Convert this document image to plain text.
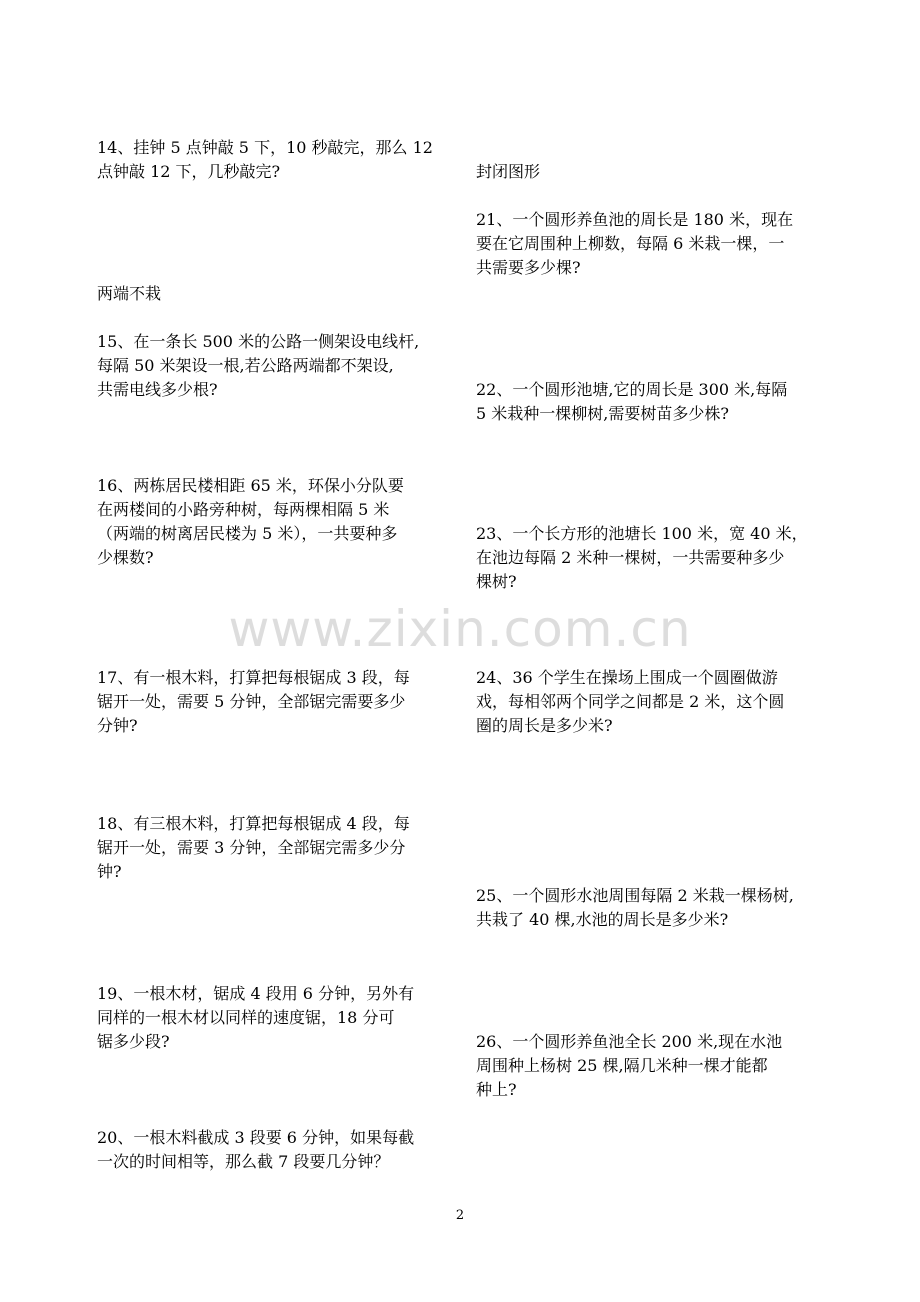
14、挂钟 5 点钟敲 5 下，10 秒敲完，那么 12
点钟敲 12 下，几秒敲完?

两端不栽

15、在一条长 500 米的公路一侧架设电线杆,
每隔 50 米架设一根,若公路两端都不架设,
共需电线多少根?

16、两栋居民楼相距 65 米，环保小分队要
在两楼间的小路旁种树，每两棵相隔 5 米
（两端的树离居民楼为 5 米），一共要种多
少棵数?

17、有一根木料，打算把每根锯成 3 段，每
锯开一处，需要 5 分钟，全部锯完需要多少
分钟?

18、有三根木料，打算把每根锯成 4 段，每
锯开一处，需要 3 分钟，全部锯完需多少分
钟?

19、一根木材，锯成 4 段用 6 分钟，另外有
同样的一根木材以同样的速度锯，18 分可
锯多少段?

20、一根木料截成 3 段要 6 分钟，如果每截
一次的时间相等，那么截 7 段要几分钟？

封闭图形

21、一个圆形养鱼池的周长是 180 米，现在
要在它周围种上柳数，每隔 6 米栽一棵，一
共需要多少棵?

22、一个圆形池塘,它的周长是 300 米,每隔
5 米栽种一棵柳树,需要树苗多少株?

23、一个长方形的池塘长 100 米，宽 40 米，
在池边每隔 2 米种一棵树，一共需要种多少
棵树?

24、36 个学生在操场上围成一个圆圈做游
戏，每相邻两个同学之间都是 2 米，这个圆
圈的周长是多少米?

25、一个圆形水池周围每隔 2 米栽一棵杨树,
共栽了 40 棵,水池的周长是多少米?

26、一个圆形养鱼池全长 200 米,现在水池
周围种上杨树 25 棵,隔几米种一棵才能都
种上?

www.zixin.com.cn
2
